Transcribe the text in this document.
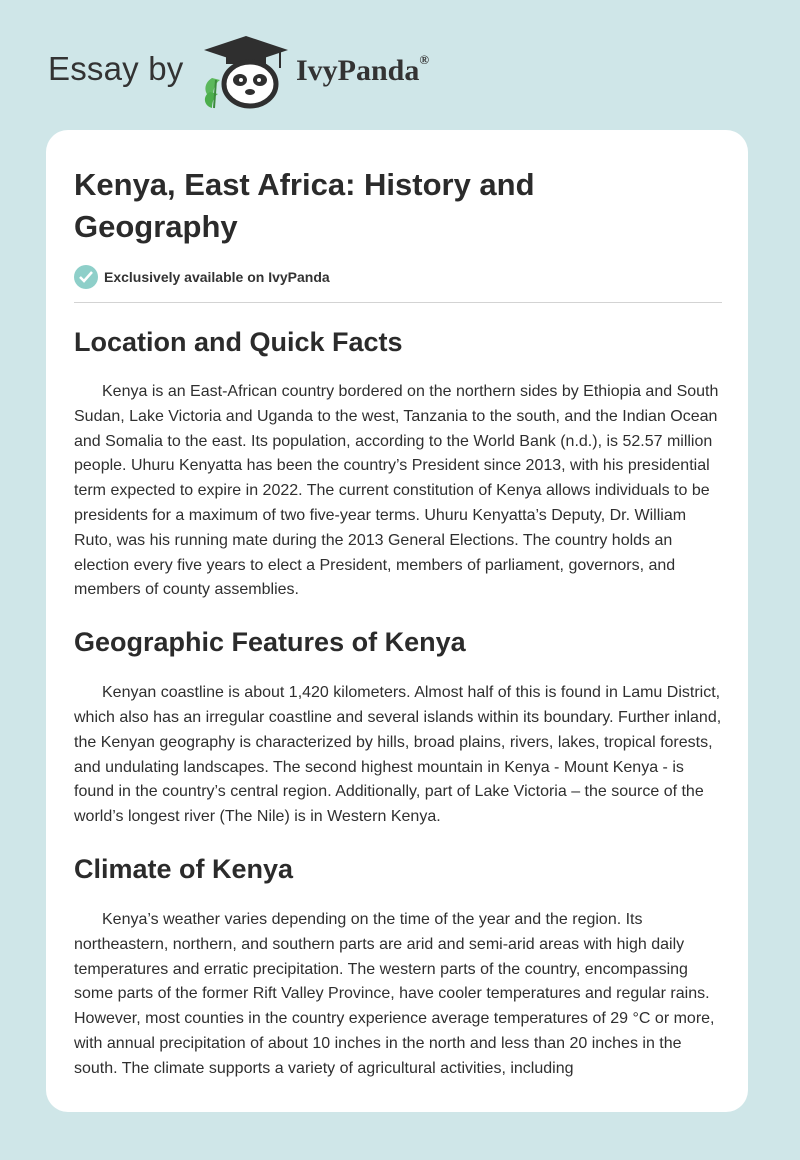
Essay by	IvyPanda®
Kenya, East Africa: History and Geography
Exclusively available on IvyPanda
Location and Quick Facts

Kenya is an East-African country bordered on the northern sides by Ethiopia and South Sudan, Lake Victoria and Uganda to the west, Tanzania to the south, and the Indian Ocean and Somalia to the east. Its population, according to the World Bank (n.d.), is 52.57 million people. Uhuru Kenyatta has been the country’s President since 2013, with his presidential term expected to expire in 2022. The current constitution of Kenya allows individuals to be presidents for a maximum of two five-year terms. Uhuru Kenyatta’s Deputy, Dr. William Ruto, was his running mate during the 2013 General Elections. The country holds an election every five years to elect a President, members of parliament, governors, and members of county assemblies.

Geographic Features of Kenya

Kenyan coastline is about 1,420 kilometers. Almost half of this is found in Lamu District, which also has an irregular coastline and several islands within its boundary. Further inland, the Kenyan geography is characterized by hills, broad plains, rivers, lakes, tropical forests, and undulating landscapes. The second highest mountain in Kenya - Mount Kenya - is found in the country’s central region. Additionally, part of Lake Victoria – the source of the world’s longest river (The Nile) is in Western Kenya.

Climate of Kenya

Kenya’s weather varies depending on the time of the year and the region. Its northeastern, northern, and southern parts are arid and semi-arid areas with high daily temperatures and erratic precipitation. The western parts of the country, encompassing some parts of the former Rift Valley Province, have cooler temperatures and regular rains. However, most counties in the country experience average temperatures of 29 °C or more, with annual precipitation of about 10 inches in the north and less than 20 inches in the south. The climate supports a variety of agricultural activities, including
